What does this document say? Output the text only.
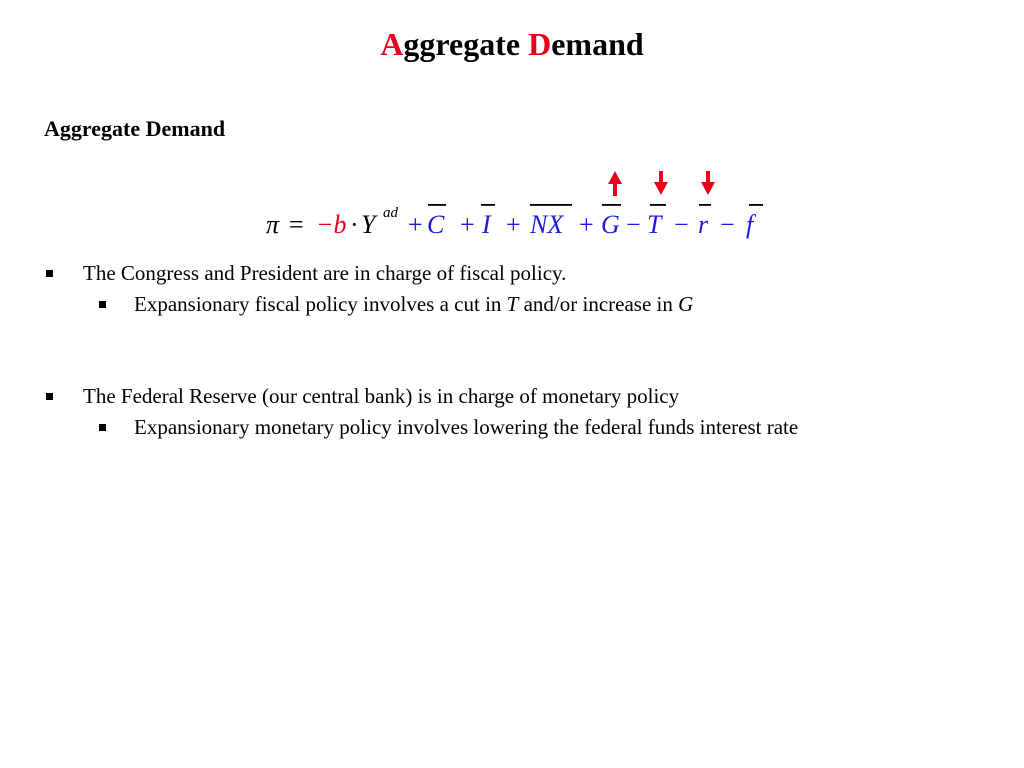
Aggregate Demand
Aggregate Demand
π = −b · Y ad + C + I + NX + G − T − r − f
The Congress and President are in charge of fiscal policy.
Expansionary fiscal policy involves a cut in T and/or increase in G
The Federal Reserve (our central bank) is in charge of monetary policy
Expansionary monetary policy involves lowering the federal funds interest rate
